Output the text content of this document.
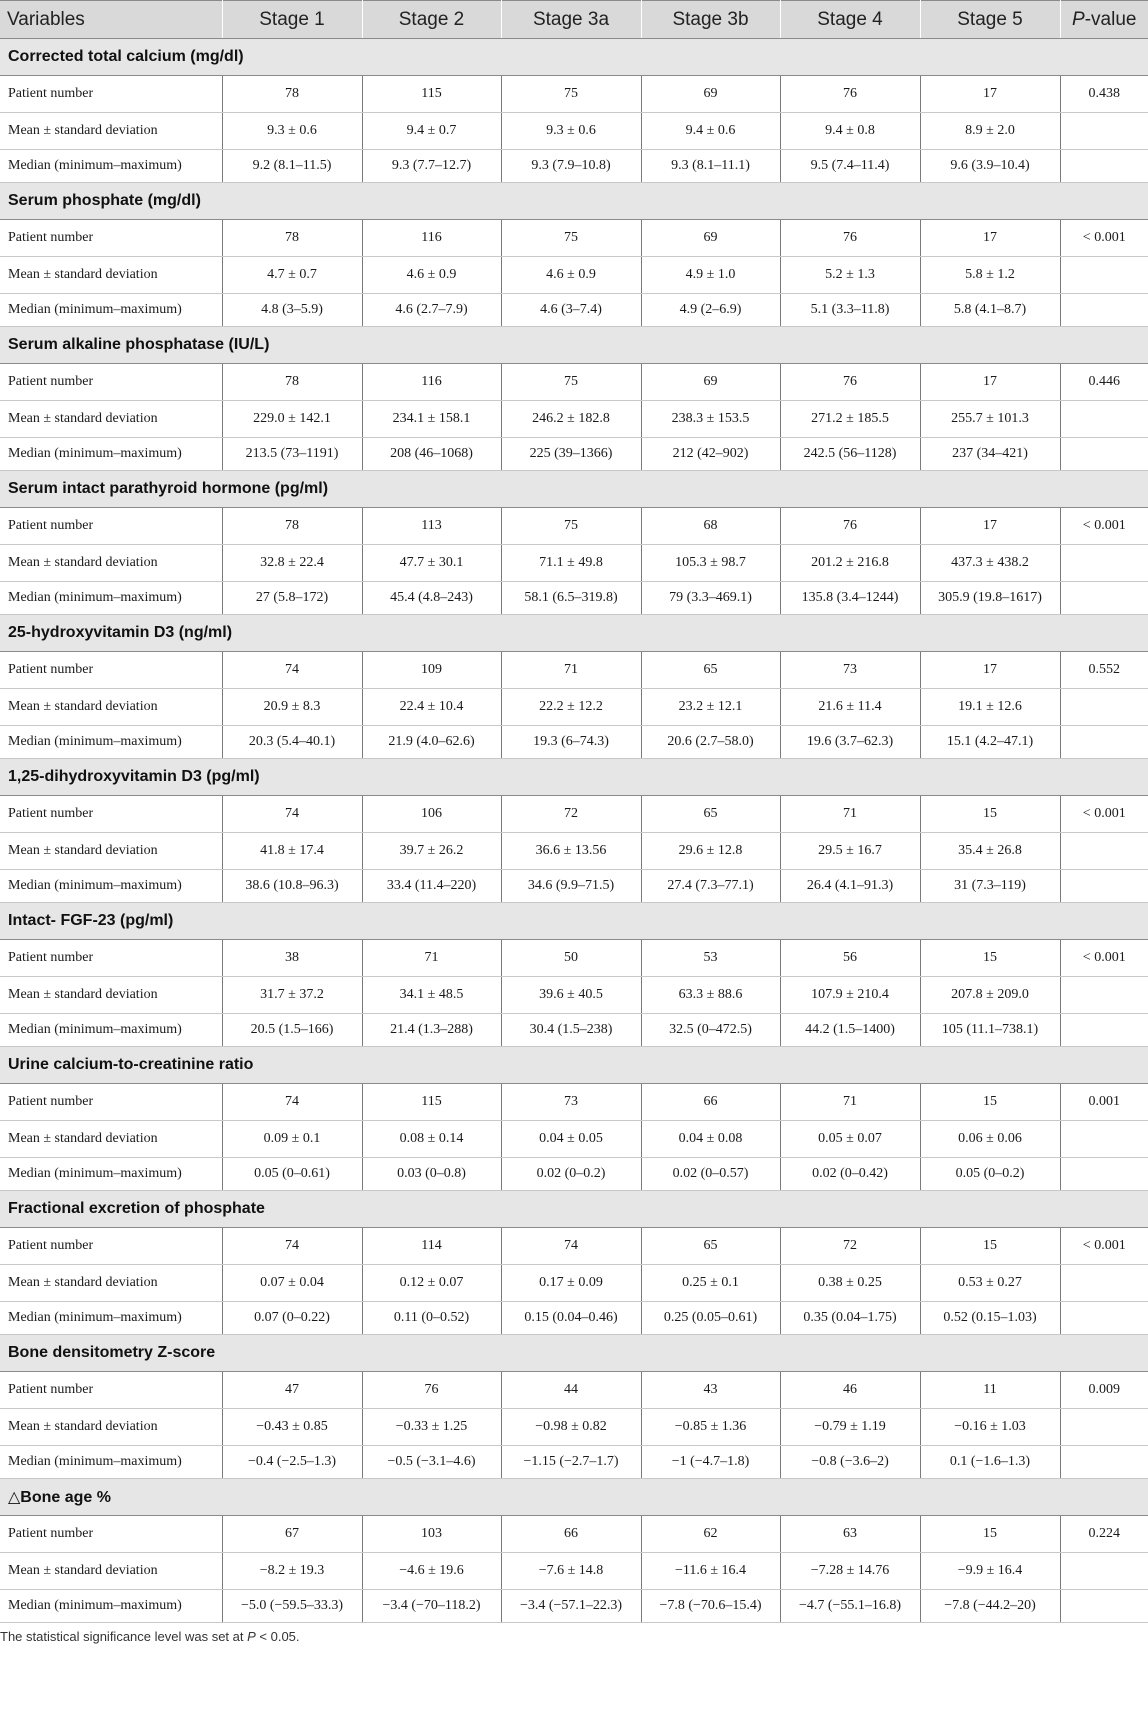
Variables	Stage 1	Stage 2	Stage 3a	Stage 3b	Stage 4	Stage 5	P-value
Corrected total calcium (mg/dl)							
Patient number	78	115	75	69	76	17	0.438
Mean ± standard deviation	9.3 ± 0.6	9.4 ± 0.7	9.3 ± 0.6	9.4 ± 0.6	9.4 ± 0.8	8.9 ± 2.0	
Median (minimum–maximum)	9.2 (8.1–11.5)	9.3 (7.7–12.7)	9.3 (7.9–10.8)	9.3 (8.1–11.1)	9.5 (7.4–11.4)	9.6 (3.9–10.4)	
Serum phosphate (mg/dl)							
Patient number	78	116	75	69	76	17	< 0.001
Mean ± standard deviation	4.7 ± 0.7	4.6 ± 0.9	4.6 ± 0.9	4.9 ± 1.0	5.2 ± 1.3	5.8 ± 1.2	
Median (minimum–maximum)	4.8 (3–5.9)	4.6 (2.7–7.9)	4.6 (3–7.4)	4.9 (2–6.9)	5.1 (3.3–11.8)	5.8 (4.1–8.7)	
Serum alkaline phosphatase (IU/L)							
Patient number	78	116	75	69	76	17	0.446
Mean ± standard deviation	229.0 ± 142.1	234.1 ± 158.1	246.2 ± 182.8	238.3 ± 153.5	271.2 ± 185.5	255.7 ± 101.3	
Median (minimum–maximum)	213.5 (73–1191)	208 (46–1068)	225 (39–1366)	212 (42–902)	242.5 (56–1128)	237 (34–421)	
Serum intact parathyroid hormone (pg/ml)							
Patient number	78	113	75	68	76	17	< 0.001
Mean ± standard deviation	32.8 ± 22.4	47.7 ± 30.1	71.1 ± 49.8	105.3 ± 98.7	201.2 ± 216.8	437.3 ± 438.2	
Median (minimum–maximum)	27 (5.8–172)	45.4 (4.8–243)	58.1 (6.5–319.8)	79 (3.3–469.1)	135.8 (3.4–1244)	305.9 (19.8–1617)	
25-hydroxyvitamin D3 (ng/ml)							
Patient number	74	109	71	65	73	17	0.552
Mean ± standard deviation	20.9 ± 8.3	22.4 ± 10.4	22.2 ± 12.2	23.2 ± 12.1	21.6 ± 11.4	19.1 ± 12.6	
Median (minimum–maximum)	20.3 (5.4–40.1)	21.9 (4.0–62.6)	19.3 (6–74.3)	20.6 (2.7–58.0)	19.6 (3.7–62.3)	15.1 (4.2–47.1)	
1,25-dihydroxyvitamin D3 (pg/ml)							
Patient number	74	106	72	65	71	15	< 0.001
Mean ± standard deviation	41.8 ± 17.4	39.7 ± 26.2	36.6 ± 13.56	29.6 ± 12.8	29.5 ± 16.7	35.4 ± 26.8	
Median (minimum–maximum)	38.6 (10.8–96.3)	33.4 (11.4–220)	34.6 (9.9–71.5)	27.4 (7.3–77.1)	26.4 (4.1–91.3)	31 (7.3–119)	
Intact- FGF-23 (pg/ml)							
Patient number	38	71	50	53	56	15	< 0.001
Mean ± standard deviation	31.7 ± 37.2	34.1 ± 48.5	39.6 ± 40.5	63.3 ± 88.6	107.9 ± 210.4	207.8 ± 209.0	
Median (minimum–maximum)	20.5 (1.5–166)	21.4 (1.3–288)	30.4 (1.5–238)	32.5 (0–472.5)	44.2 (1.5–1400)	105 (11.1–738.1)	
Urine calcium-to-creatinine ratio							
Patient number	74	115	73	66	71	15	0.001
Mean ± standard deviation	0.09 ± 0.1	0.08 ± 0.14	0.04 ± 0.05	0.04 ± 0.08	0.05 ± 0.07	0.06 ± 0.06	
Median (minimum–maximum)	0.05 (0–0.61)	0.03 (0–0.8)	0.02 (0–0.2)	0.02 (0–0.57)	0.02 (0–0.42)	0.05 (0–0.2)	
Fractional excretion of phosphate							
Patient number	74	114	74	65	72	15	< 0.001
Mean ± standard deviation	0.07 ± 0.04	0.12 ± 0.07	0.17 ± 0.09	0.25 ± 0.1	0.38 ± 0.25	0.53 ± 0.27	
Median (minimum–maximum)	0.07 (0–0.22)	0.11 (0–0.52)	0.15 (0.04–0.46)	0.25 (0.05–0.61)	0.35 (0.04–1.75)	0.52 (0.15–1.03)	
Bone densitometry Z-score							
Patient number	47	76	44	43	46	11	0.009
Mean ± standard deviation	−0.43 ± 0.85	−0.33 ± 1.25	−0.98 ± 0.82	−0.85 ± 1.36	−0.79 ± 1.19	−0.16 ± 1.03	
Median (minimum–maximum)	−0.4 (−2.5–1.3)	−0.5 (−3.1–4.6)	−1.15 (−2.7–1.7)	−1 (−4.7–1.8)	−0.8 (−3.6–2)	0.1 (−1.6–1.3)	
△Bone age %							
Patient number	67	103	66	62	63	15	0.224
Mean ± standard deviation	−8.2 ± 19.3	−4.6 ± 19.6	−7.6 ± 14.8	−11.6 ± 16.4	−7.28 ± 14.76	−9.9 ± 16.4	
Median (minimum–maximum)	−5.0 (−59.5–33.3)	−3.4 (−70–118.2)	−3.4 (−57.1–22.3)	−7.8 (−70.6–15.4)	−4.7 (−55.1–16.8)	−7.8 (−44.2–20)	

The statistical significance level was set at P < 0.05.
